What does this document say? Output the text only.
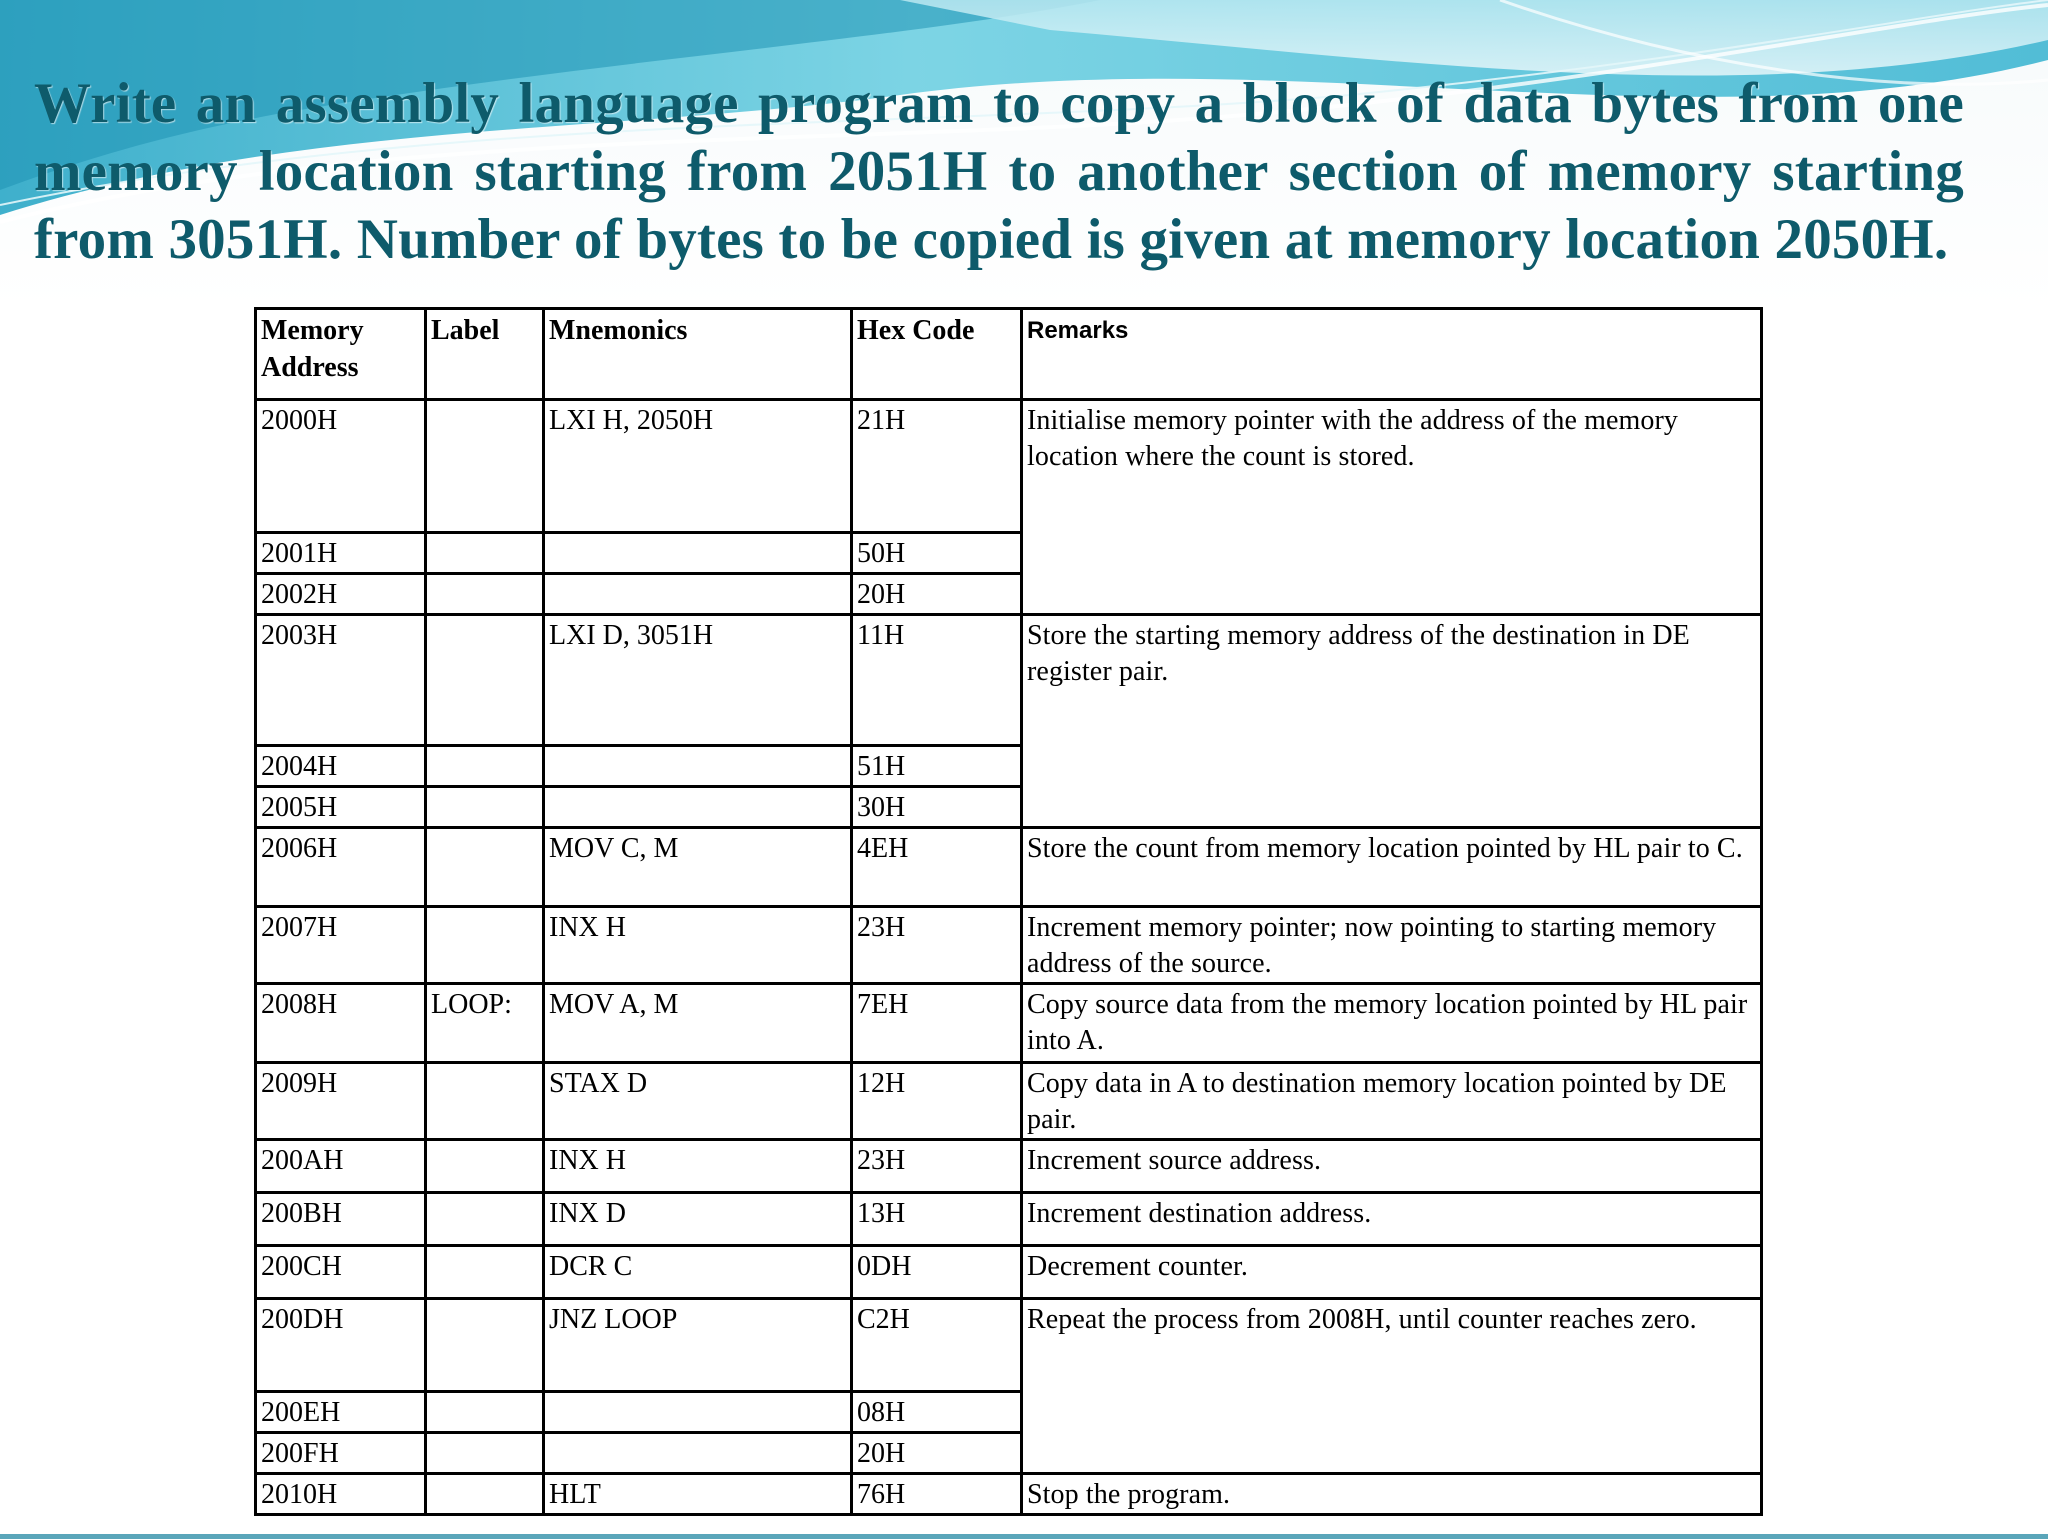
Write an assembly language program to copy a block of data bytes from one memory location starting from 2051H to another section of memory starting from 3051H. Number of bytes to be copied is given at memory location 2050H.
Memory Address	Label	Mnemonics	Hex Code	Remarks
2000H		LXI H, 2050H	21H	Initialise memory pointer with the address of the memory location where the count is stored.
2001H			50H	
2002H			20H	
2003H		LXI D, 3051H	11H	Store the starting memory address of the destination in DE register pair.
2004H			51H	
2005H			30H	
2006H		MOV C, M	4EH	Store the count from memory location pointed by HL pair to C.
2007H		INX H	23H	Increment memory pointer; now pointing to starting memory address of the source.
2008H	LOOP:	MOV A, M	7EH	Copy source data from the memory location pointed by HL pair into A.
2009H		STAX D	12H	Copy data in A to destination memory location pointed by DE pair.
200AH		INX H	23H	Increment source address.
200BH		INX D	13H	Increment destination address.
200CH		DCR C	0DH	Decrement counter.
200DH		JNZ LOOP	C2H	Repeat the process from 2008H, until counter reaches zero.
200EH			08H	
200FH			20H	
2010H		HLT	76H	Stop the program.
